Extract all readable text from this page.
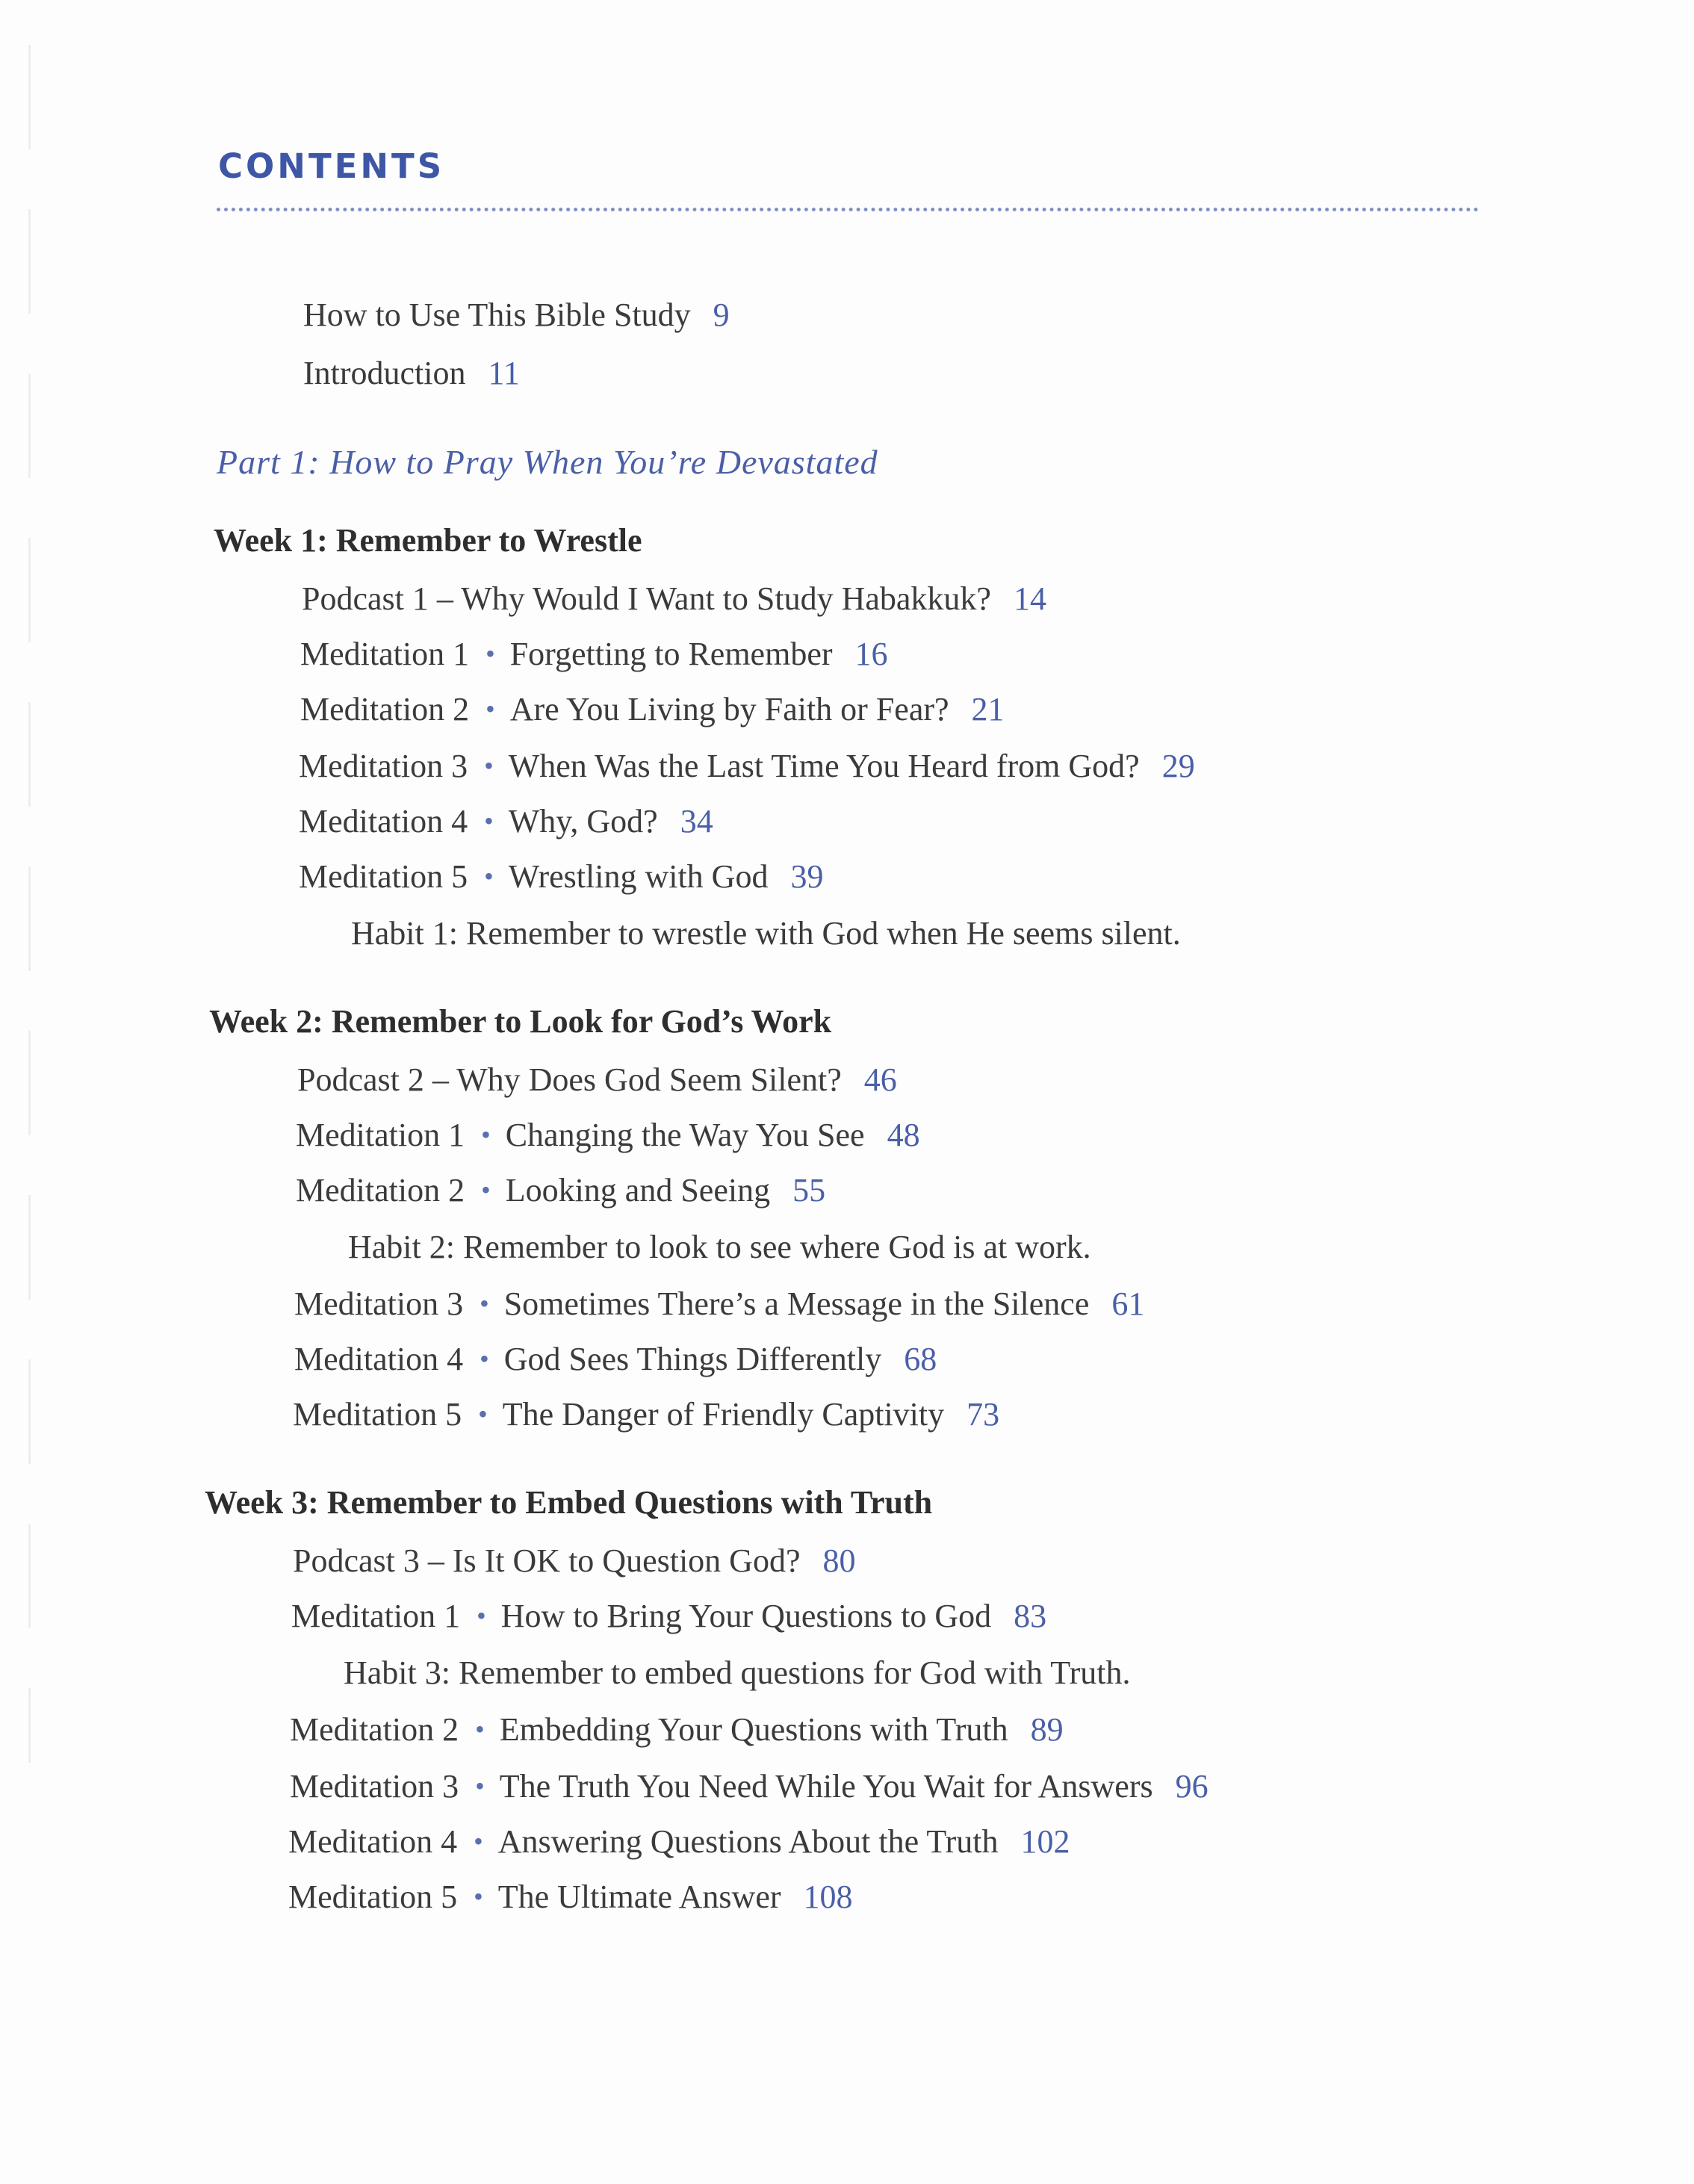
CONTENTS
How to Use This Bible Study 9
Introduction 11
Part 1: How to Pray When You’re Devastated
Week 1: Remember to Wrestle
Podcast 1 – Why Would I Want to Study Habakkuk? 14
Meditation 1 • Forgetting to Remember 16
Meditation 2 • Are You Living by Faith or Fear? 21
Meditation 3 • When Was the Last Time You Heard from God? 29
Meditation 4 • Why, God? 34
Meditation 5 • Wrestling with God 39
Habit 1: Remember to wrestle with God when He seems silent.
Week 2: Remember to Look for God’s Work
Podcast 2 – Why Does God Seem Silent? 46
Meditation 1 • Changing the Way You See 48
Meditation 2 • Looking and Seeing 55
Habit 2: Remember to look to see where God is at work.
Meditation 3 • Sometimes There’s a Message in the Silence 61
Meditation 4 • God Sees Things Differently 68
Meditation 5 • The Danger of Friendly Captivity 73
Week 3: Remember to Embed Questions with Truth
Podcast 3 – Is It OK to Question God? 80
Meditation 1 • How to Bring Your Questions to God 83
Habit 3: Remember to embed questions for God with Truth.
Meditation 2 • Embedding Your Questions with Truth 89
Meditation 3 • The Truth You Need While You Wait for Answers 96
Meditation 4 • Answering Questions About the Truth 102
Meditation 5 • The Ultimate Answer 108
